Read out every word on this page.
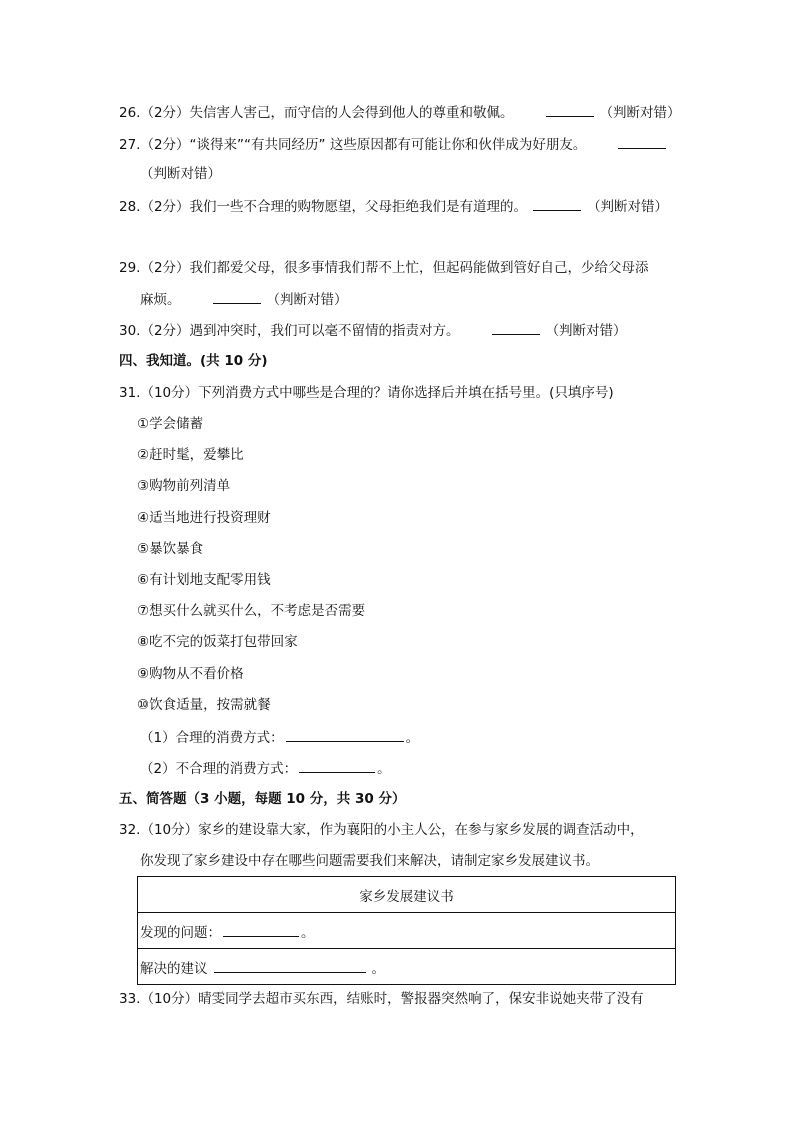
26.（2分）失信害人害己，而守信的人会得到他人的尊重和敬佩。	（判断对错）
27.（2分）“谈得来”“有共同经历” 这些原因都有可能让你和伙伴成为好朋友。
（判断对错）
28.（2分）我们一些不合理的购物愿望，父母拒绝我们是有道理的。	（判断对错）
29.（2分）我们都爱父母，很多事情我们帮不上忙，但起码能做到管好自己，少给父母添
麻烦。	（判断对错）
30.（2分）遇到冲突时，我们可以毫不留情的指责对方。	（判断对错）
四、我知道。(共 10 分)
31.（10分）下列消费方式中哪些是合理的？请你选择后并填在括号里。(只填序号)
①学会储蓄
②赶时髦，爱攀比
③购物前列清单
④适当地进行投资理财
⑤暴饮暴食
⑥有计划地支配零用钱
⑦想买什么就买什么，不考虑是否需要
⑧吃不完的饭菜打包带回家
⑨购物从不看价格
⑩饮食适量，按需就餐
（1）合理的消费方式：	。
（2）不合理的消费方式：	。
五、简答题（3 小题，每题 10 分，共 30 分）
32.（10分）家乡的建设靠大家，作为襄阳的小主人公，在参与家乡发展的调查活动中，
你发现了家乡建设中存在哪些问题需要我们来解决，请制定家乡发展建议书。
家乡发展建议书
发现的问题：	。
解决的建议	。
33.（10分）晴雯同学去超市买东西，结账时，警报器突然响了，保安非说她夹带了没有
